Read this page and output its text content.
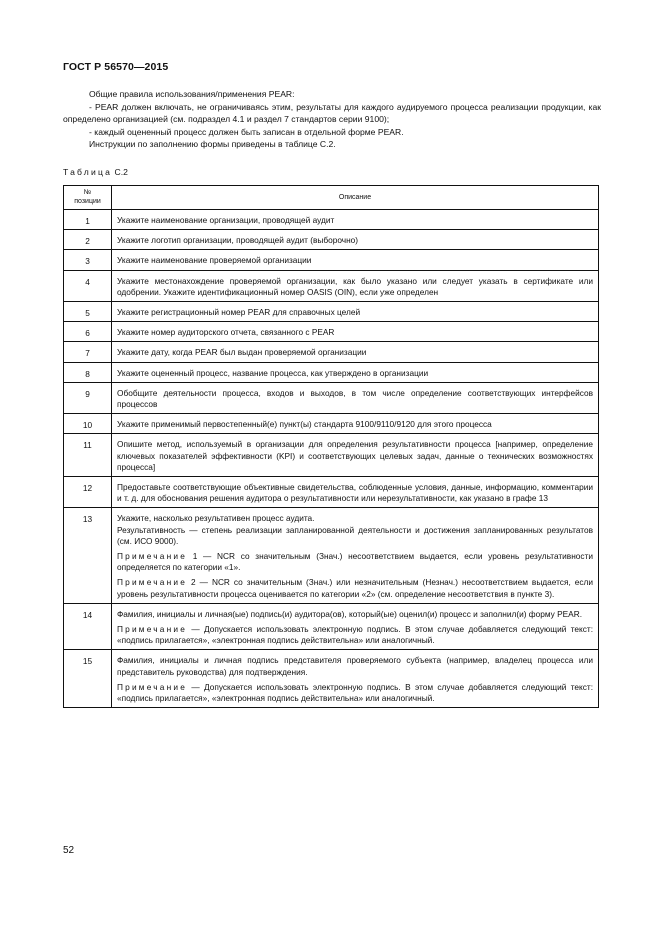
ГОСТ Р 56570—2015

Общие правила использования/применения PEAR:

- PEAR должен включать, не ограничиваясь этим, результаты для каждого аудируемого процесса реализации продукции, как определено организацией (см. подраздел 4.1 и раздел 7 стандартов серии 9100);

- каждый оцененный процесс должен быть записан в отдельной форме PEAR.

Инструкции по заполнению формы приведены в таблице С.2.

Таблица С.2
№
позиции	Описание
1	Укажите наименование организации, проводящей аудит
2	Укажите логотип организации, проводящей аудит (выборочно)
3	Укажите наименование проверяемой организации
4	Укажите местонахождение проверяемой организации, как было указано или следует указать в сертификате или одобрении. Укажите идентификационный номер OASIS (OIN), если уже определен
5	Укажите регистрационный номер PEAR для справочных целей
6	Укажите номер аудиторского отчета, связанного с PEAR
7	Укажите дату, когда PEAR был выдан проверяемой организации
8	Укажите оцененный процесс, название процесса, как утверждено в организации
9	Обобщите деятельности процесса, входов и выходов, в том числе определение соответствующих интерфейсов процессов
10	Укажите применимый первостепенный(е) пункт(ы) стандарта 9100/9110/9120 для этого процесса
11	Опишите метод, используемый в организации для определения результативности процесса [например, определение ключевых показателей эффективности (KPI) и соответствующих целевых задач, данные о технических возможностях процесса]
12	Предоставьте соответствующие объективные свидетельства, соблюденные условия, данные, информацию, комментарии и т. д. для обоснования решения аудитора о результативности или нерезультативности, как указано в графе 13
13	Укажите, насколько результативен процесс аудита.

Результативность — степень реализации запланированной деятельности и достижения запланированных результатов (см. ИСО 9000).

Примечание 1 — NCR со значительным (Знач.) несоответствием выдается, если уровень результативности определяется по категории «1».

Примечание 2 — NCR со значительным (Знач.) или незначительным (Незнач.) несоответствием выдается, если уровень результативности процесса оценивается по категории «2» (см. определение несоответствия в пункте 3).

14	Фамилия, инициалы и личная(ые) подпись(и) аудитора(ов), который(ые) оценил(и) процесс и заполнил(и) форму PEAR.

Примечание — Допускается использовать электронную подпись. В этом случае добавляется следующий текст: «подпись прилагается», «электронная подпись действительна» или аналогичный.

15	Фамилия, инициалы и личная подпись представителя проверяемого субъекта (например, владелец процесса или представитель руководства) для подтверждения.

Примечание — Допускается использовать электронную подпись. В этом случае добавляется следующий текст: «подпись прилагается», «электронная подпись действительна» или аналогичный.

52
